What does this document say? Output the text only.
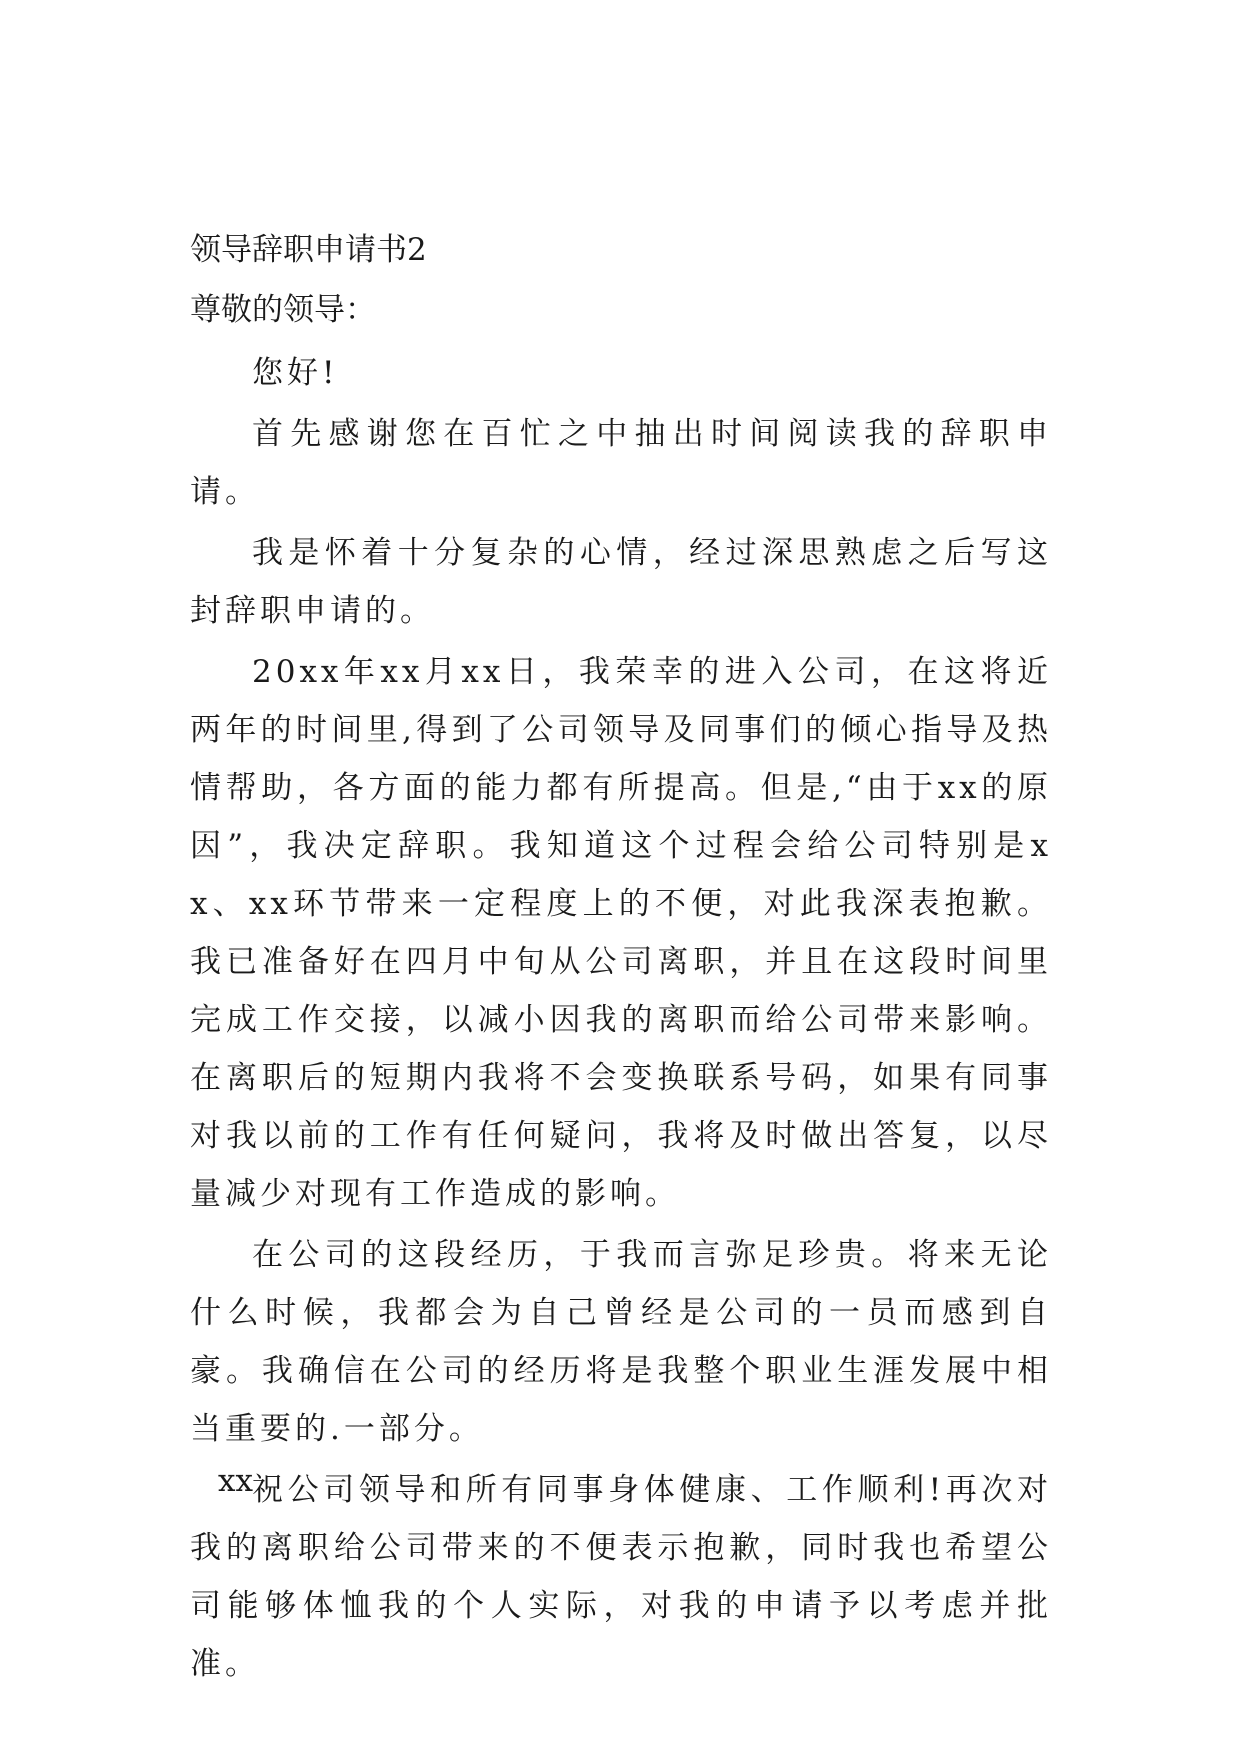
领导辞职申请书2
尊敬的领导：

您好!

首先感谢您在百忙之中抽出时间阅读我的辞职申请。

我是怀着十分复杂的心情，经过深思熟虑之后写这封辞职申请的。

20xx年xx月xx日，我荣幸的进入公司，在这将近两年的时间里,得到了公司领导及同事们的倾心指导及热情帮助，各方面的能力都有所提高。但是,“由于xx的原因”，我决定辞职。我知道这个过程会给公司特别是xx、xx环节带来一定程度上的不便，对此我深表抱歉。我已准备好在四月中旬从公司离职，并且在这段时间里完成工作交接，以减小因我的离职而给公司带来影响。在离职后的短期内我将不会变换联系号码，如果有同事对我以前的工作有任何疑问，我将及时做出答复，以尽量减少对现有工作造成的影响。

在公司的这段经历，于我而言弥足珍贵。将来无论什么时候，我都会为自己曾经是公司的一员而感到自豪。我确信在公司的经历将是我整个职业生涯发展中相当重要的.一部分。

祝公司领导和所有同事身体健康、工作顺利!再次对我的离职给公司带来的不便表示抱歉，同时我也希望公司能够体恤我的个人实际，对我的申请予以考虑并批准。

xx
